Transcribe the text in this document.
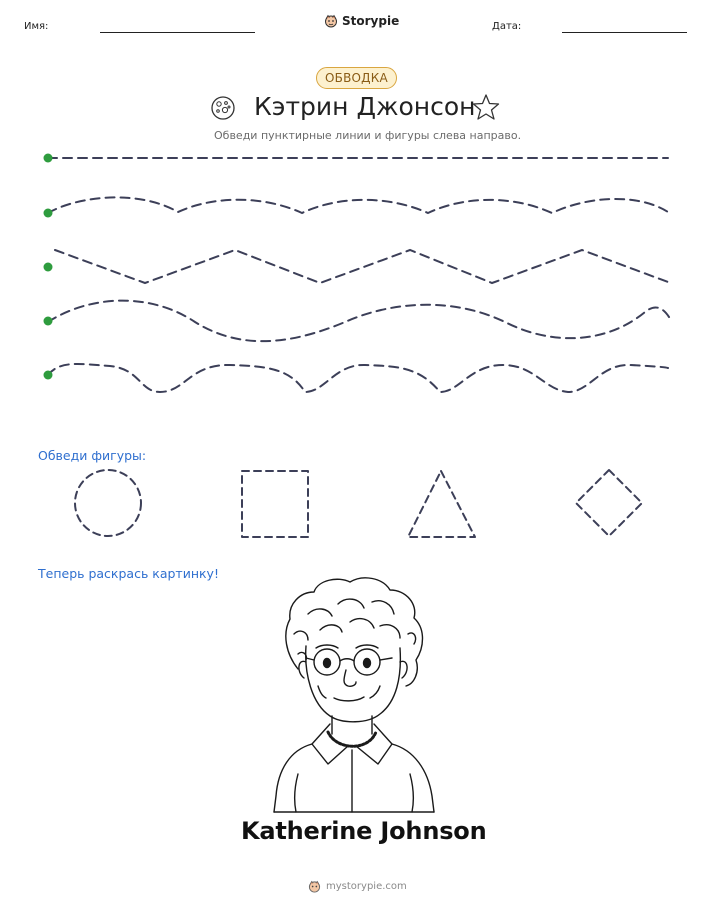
Имя:	Storypie	Дата:
ОБВОДКА
Кэтрин Джонсон
Обведи пунктирные линии и фигуры слева направо.
Обведи фигуры:
Теперь раскрась картинку!
Katherine Johnson
mystorypie.com
